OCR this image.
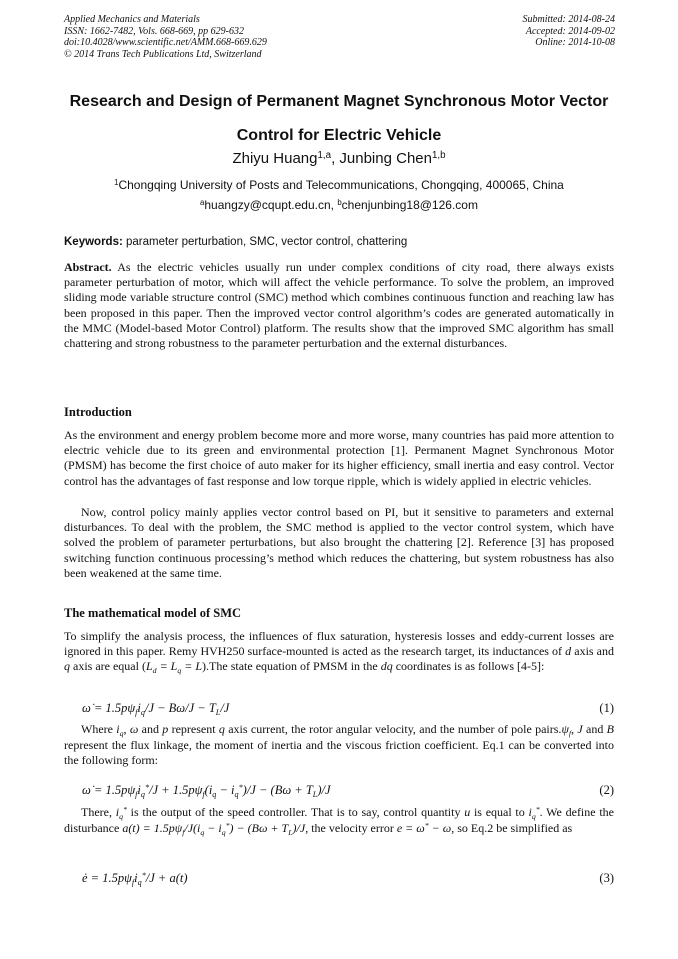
Applied Mechanics and Materials
ISSN: 1662-7482, Vols. 668-669, pp 629-632
doi:10.4028/www.scientific.net/AMM.668-669.629
© 2014 Trans Tech Publications Ltd, Switzerland
Submitted: 2014-08-24
Accepted: 2014-09-02
Online: 2014-10-08
Research and Design of Permanent Magnet Synchronous Motor Vector
Control for Electric Vehicle
Zhiyu Huang$^{1,a}$, Junbing Chen$^{1,b}$
$^1$Chongqing University of Posts and Telecommunications, Chongqing, 400065, China
$^a$huangzy@cqupt.edu.cn, $^b$chenjunbing18@126.com
Keywords: parameter perturbation, SMC, vector control, chattering
Abstract. As the electric vehicles usually run under complex conditions of city road, there always exists parameter perturbation of motor, which will affect the vehicle performance. To solve the problem, an improved sliding mode variable structure control (SMC) method which combines continuous function and reaching law has been proposed in this paper. Then the improved vector control algorithm’s codes are generated automatically in the MMC (Model-based Motor Control) platform. The results show that the improved SMC algorithm has small chattering and strong robustness to the parameter perturbation and the external disturbances.
Introduction
As the environment and energy problem become more and more worse, many countries has paid more attention to electric vehicle due to its green and environmental protection [1]. Permanent Magnet Synchronous Motor (PMSM) has become the first choice of auto maker for its higher efficiency, small inertia and easy control. Vector control has the advantages of fast response and low torque ripple, which is widely applied in electric vehicles.
Now, control policy mainly applies vector control based on PI, but it sensitive to parameters and external disturbances. To deal with the problem, the SMC method is applied to the vector control system, which have solved the problem of parameter perturbations, but also brought the chattering [2]. Reference [3] has proposed switching function continuous processing’s method which reduces the chattering, but system robustness has also been weakened at the same time.
The mathematical model of SMC
To simplify the analysis process, the influences of flux saturation, hysteresis losses and eddy-current losses are ignored in this paper. Remy HVH250 surface-mounted is acted as the research target, its inductances of d axis and q axis are equal $(L_d = L_q = L).The$ state equation of PMSM in the dq coordinates is as follows [4-5]:
ω̇ = $1.5p\psi_fi_q/J - B\omega/J - T_L/J$	(1)
Where $i_q$, ω and p represent q axis current, the rotor angular velocity, and the number of pole $pairs.\psi_f$, J and B represent the flux linkage, the moment of inertia and the viscous friction coefficient. Eq.1 can be converted into the following form:
ω̇ = $1.5p\psi_fi_q^*/J + 1.5p\psi_f(i_q - i_q^*)/J - (B\omega + T_L)/J$	(2)
There, $i_q^*$ is the output of the speed controller. That is to say, control quantity u is equal to $i_q^*$. We define the disturbance $a(t) = 1.5p\psi_f/J(i_q - i_q^*) - (B\omega + T_L)/J$, the velocity error e = ω* − ω, so Eq.2 be simplified as
ė = $1.5p\psi_fi_q^*/J + a(t)$	(3)
